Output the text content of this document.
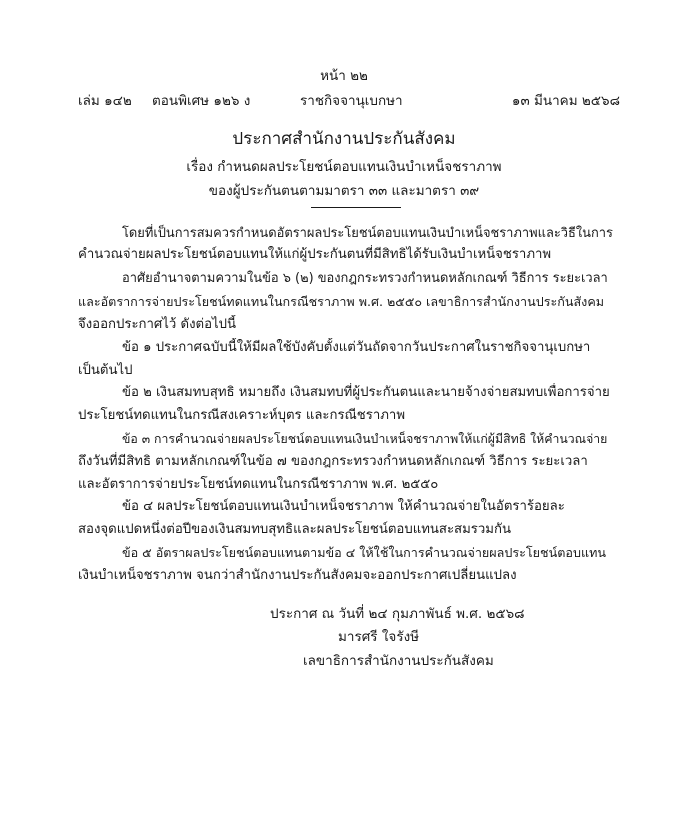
หน้า ๒๒
เล่ม ๑๔๒ ตอนพิเศษ ๑๒๖ ง	ราชกิจจานุเบกษา	๑๓ มีนาคม ๒๕๖๘
ประกาศสำนักงานประกันสังคม
เรื่อง กำหนดผลประโยชน์ตอบแทนเงินบำเหน็จชราภาพ
ของผู้ประกันตนตามมาตรา ๓๓ และมาตรา ๓๙
โดยที่เป็นการสมควรกำหนดอัตราผลประโยชน์ตอบแทนเงินบำเหน็จชราภาพและวิธีในการ
คำนวณจ่ายผลประโยชน์ตอบแทนให้แก่ผู้ประกันตนที่มีสิทธิได้รับเงินบำเหน็จชราภาพ
อาศัยอำนาจตามความในข้อ ๖ (๒) ของกฎกระทรวงกำหนดหลักเกณฑ์ วิธีการ ระยะเวลา
และอัตราการจ่ายประโยชน์ทดแทนในกรณีชราภาพ พ.ศ. ๒๕๕๐ เลขาธิการสำนักงานประกันสังคม
จึงออกประกาศไว้ ดังต่อไปนี้
ข้อ ๑ ประกาศฉบับนี้ให้มีผลใช้บังคับตั้งแต่วันถัดจากวันประกาศในราชกิจจานุเบกษา
เป็นต้นไป
ข้อ ๒ เงินสมทบสุทธิ หมายถึง เงินสมทบที่ผู้ประกันตนและนายจ้างจ่ายสมทบเพื่อการจ่าย
ประโยชน์ทดแทนในกรณีสงเคราะห์บุตร และกรณีชราภาพ
ข้อ ๓ การคำนวณจ่ายผลประโยชน์ตอบแทนเงินบำเหน็จชราภาพให้แก่ผู้มีสิทธิ ให้คำนวณจ่าย
ถึงวันที่มีสิทธิ ตามหลักเกณฑ์ในข้อ ๗ ของกฎกระทรวงกำหนดหลักเกณฑ์ วิธีการ ระยะเวลา
และอัตราการจ่ายประโยชน์ทดแทนในกรณีชราภาพ พ.ศ. ๒๕๕๐
ข้อ ๔ ผลประโยชน์ตอบแทนเงินบำเหน็จชราภาพ ให้คำนวณจ่ายในอัตราร้อยละ
สองจุดแปดหนึ่งต่อปีของเงินสมทบสุทธิและผลประโยชน์ตอบแทนสะสมรวมกัน
ข้อ ๕ อัตราผลประโยชน์ตอบแทนตามข้อ ๔ ให้ใช้ในการคำนวณจ่ายผลประโยชน์ตอบแทน
เงินบำเหน็จชราภาพ จนกว่าสำนักงานประกันสังคมจะออกประกาศเปลี่ยนแปลง
ประกาศ ณ วันที่ ๒๔ กุมภาพันธ์ พ.ศ. ๒๕๖๘
มารศรี ใจรังษี
เลขาธิการสำนักงานประกันสังคม
